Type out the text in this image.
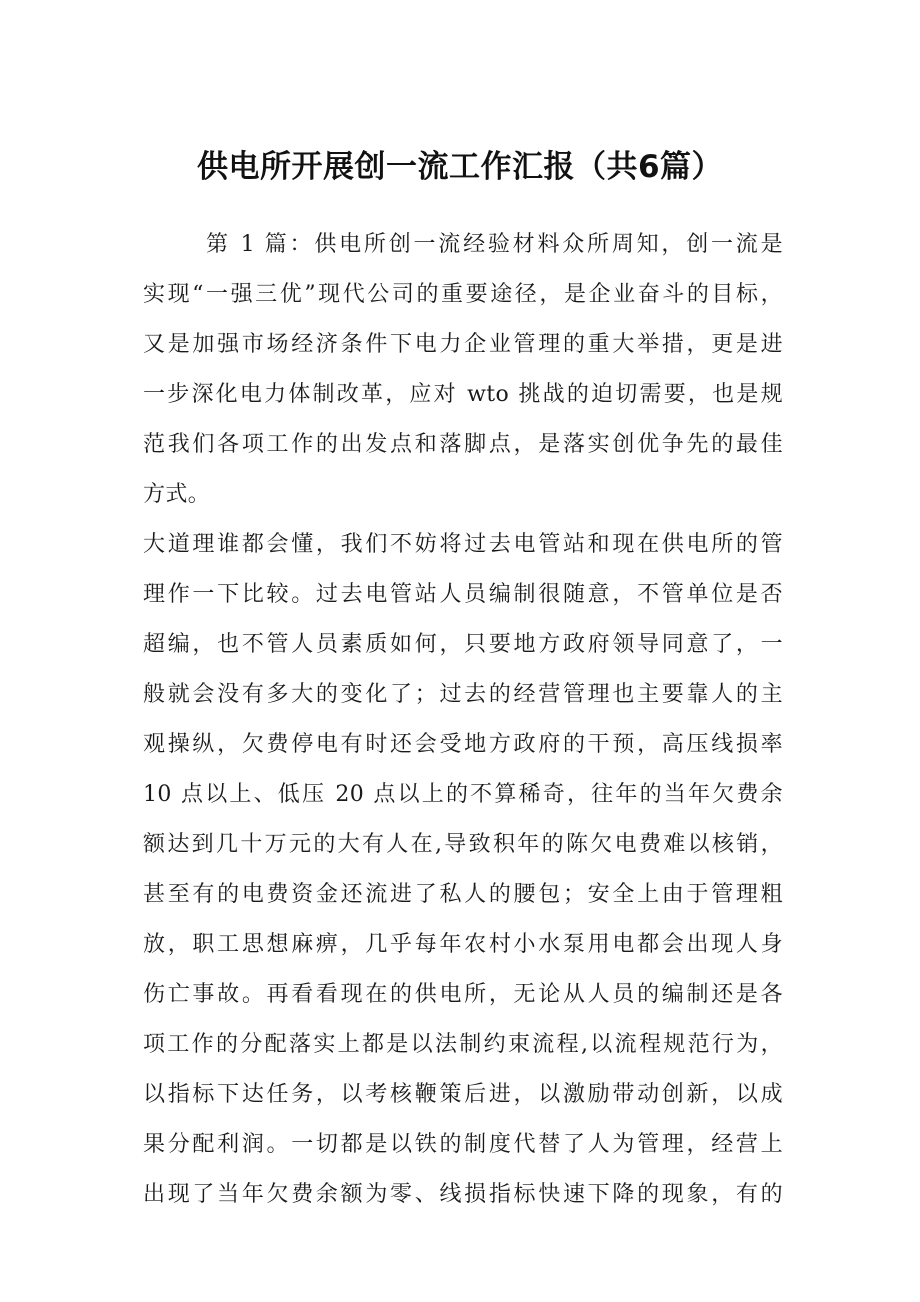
供电所开展创一流工作汇报（共6篇）
第 1 篇：供电所创一流经验材料众所周知，创一流是
实现“一强三优”现代公司的重要途径，是企业奋斗的目标，
又是加强市场经济条件下电力企业管理的重大举措，更是进
一步深化电力体制改革，应对 wto 挑战的迫切需要，也是规
范我们各项工作的出发点和落脚点，是落实创优争先的最佳
方式。
大道理谁都会懂，我们不妨将过去电管站和现在供电所的管
理作一下比较。过去电管站人员编制很随意，不管单位是否
超编，也不管人员素质如何，只要地方政府领导同意了，一
般就会没有多大的变化了；过去的经营管理也主要靠人的主
观操纵，欠费停电有时还会受地方政府的干预，高压线损率
10 点以上、低压 20 点以上的不算稀奇，往年的当年欠费余
额达到几十万元的大有人在,导致积年的陈欠电费难以核销，
甚至有的电费资金还流进了私人的腰包；安全上由于管理粗
放，职工思想麻痹，几乎每年农村小水泵用电都会出现人身
伤亡事故。再看看现在的供电所，无论从人员的编制还是各
项工作的分配落实上都是以法制约束流程,以流程规范行为，
以指标下达任务，以考核鞭策后进，以激励带动创新，以成
果分配利润。一切都是以铁的制度代替了人为管理，经营上
出现了当年欠费余额为零、线损指标快速下降的现象，有的
